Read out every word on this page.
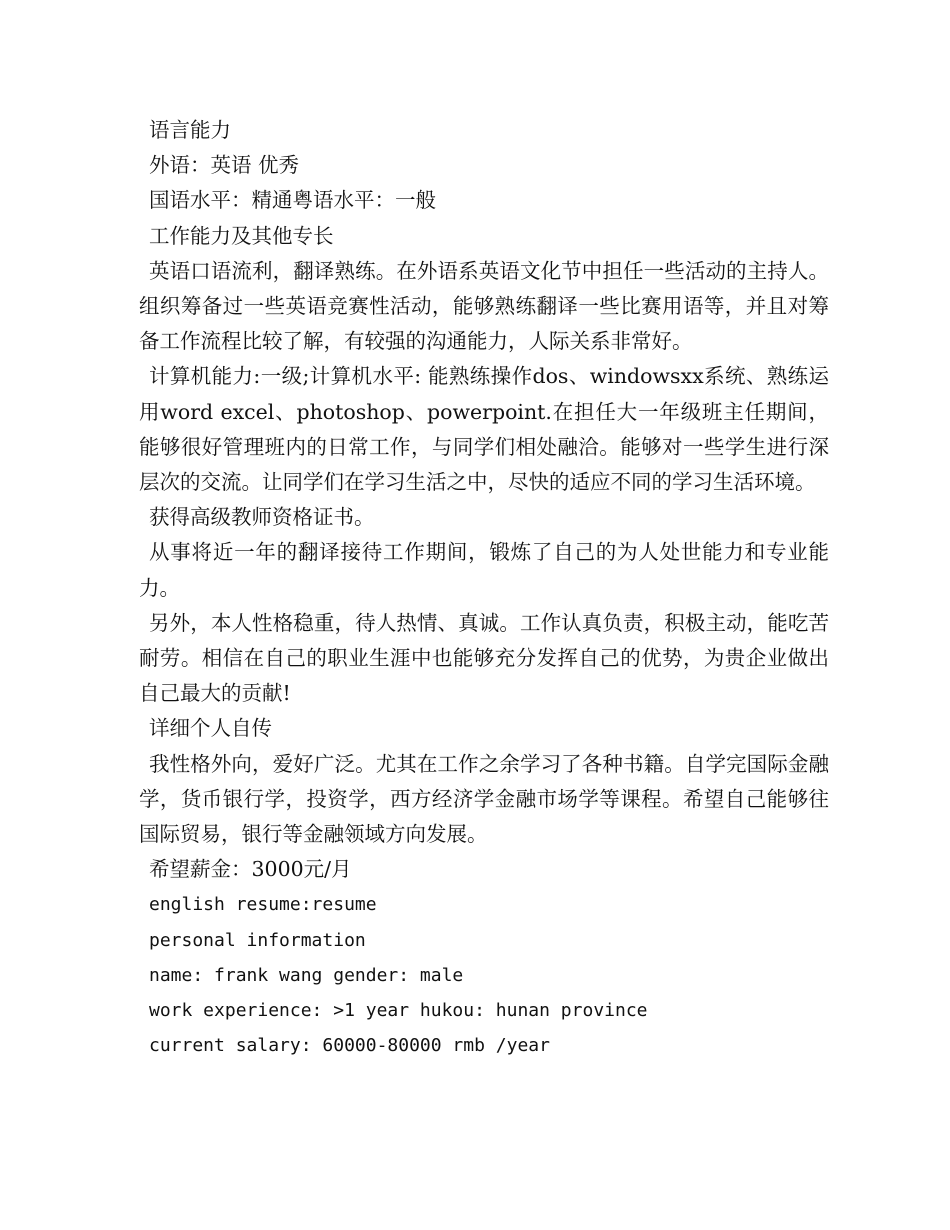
语言能力

外语：英语 优秀

国语水平：精通粤语水平：一般

工作能力及其他专长

英语口语流利，翻译熟练。在外语系英语文化节中担任一些活动的主持人。组织筹备过一些英语竞赛性活动，能够熟练翻译一些比赛用语等，并且对筹备工作流程比较了解，有较强的沟通能力，人际关系非常好。

计算机能力:一级;计算机水平: 能熟练操作dos、windowsxx系统、熟练运用word excel、photoshop、powerpoint.在担任大一年级班主任期间，能够很好管理班内的日常工作，与同学们相处融洽。能够对一些学生进行深层次的交流。让同学们在学习生活之中，尽快的适应不同的学习生活环境。

获得高级教师资格证书。

从事将近一年的翻译接待工作期间，锻炼了自己的为人处世能力和专业能力。

另外，本人性格稳重，待人热情、真诚。工作认真负责，积极主动，能吃苦耐劳。相信在自己的职业生涯中也能够充分发挥自己的优势，为贵企业做出自己最大的贡献!

详细个人自传

我性格外向，爱好广泛。尤其在工作之余学习了各种书籍。自学完国际金融学，货币银行学，投资学，西方经济学金融市场学等课程。希望自己能够往国际贸易，银行等金融领域方向发展。

希望薪金：3000元/月

english resume:resume

personal information

name: frank wang gender: male

work experience: >1 year hukou: hunan province

current salary: 60000-80000 rmb /year
